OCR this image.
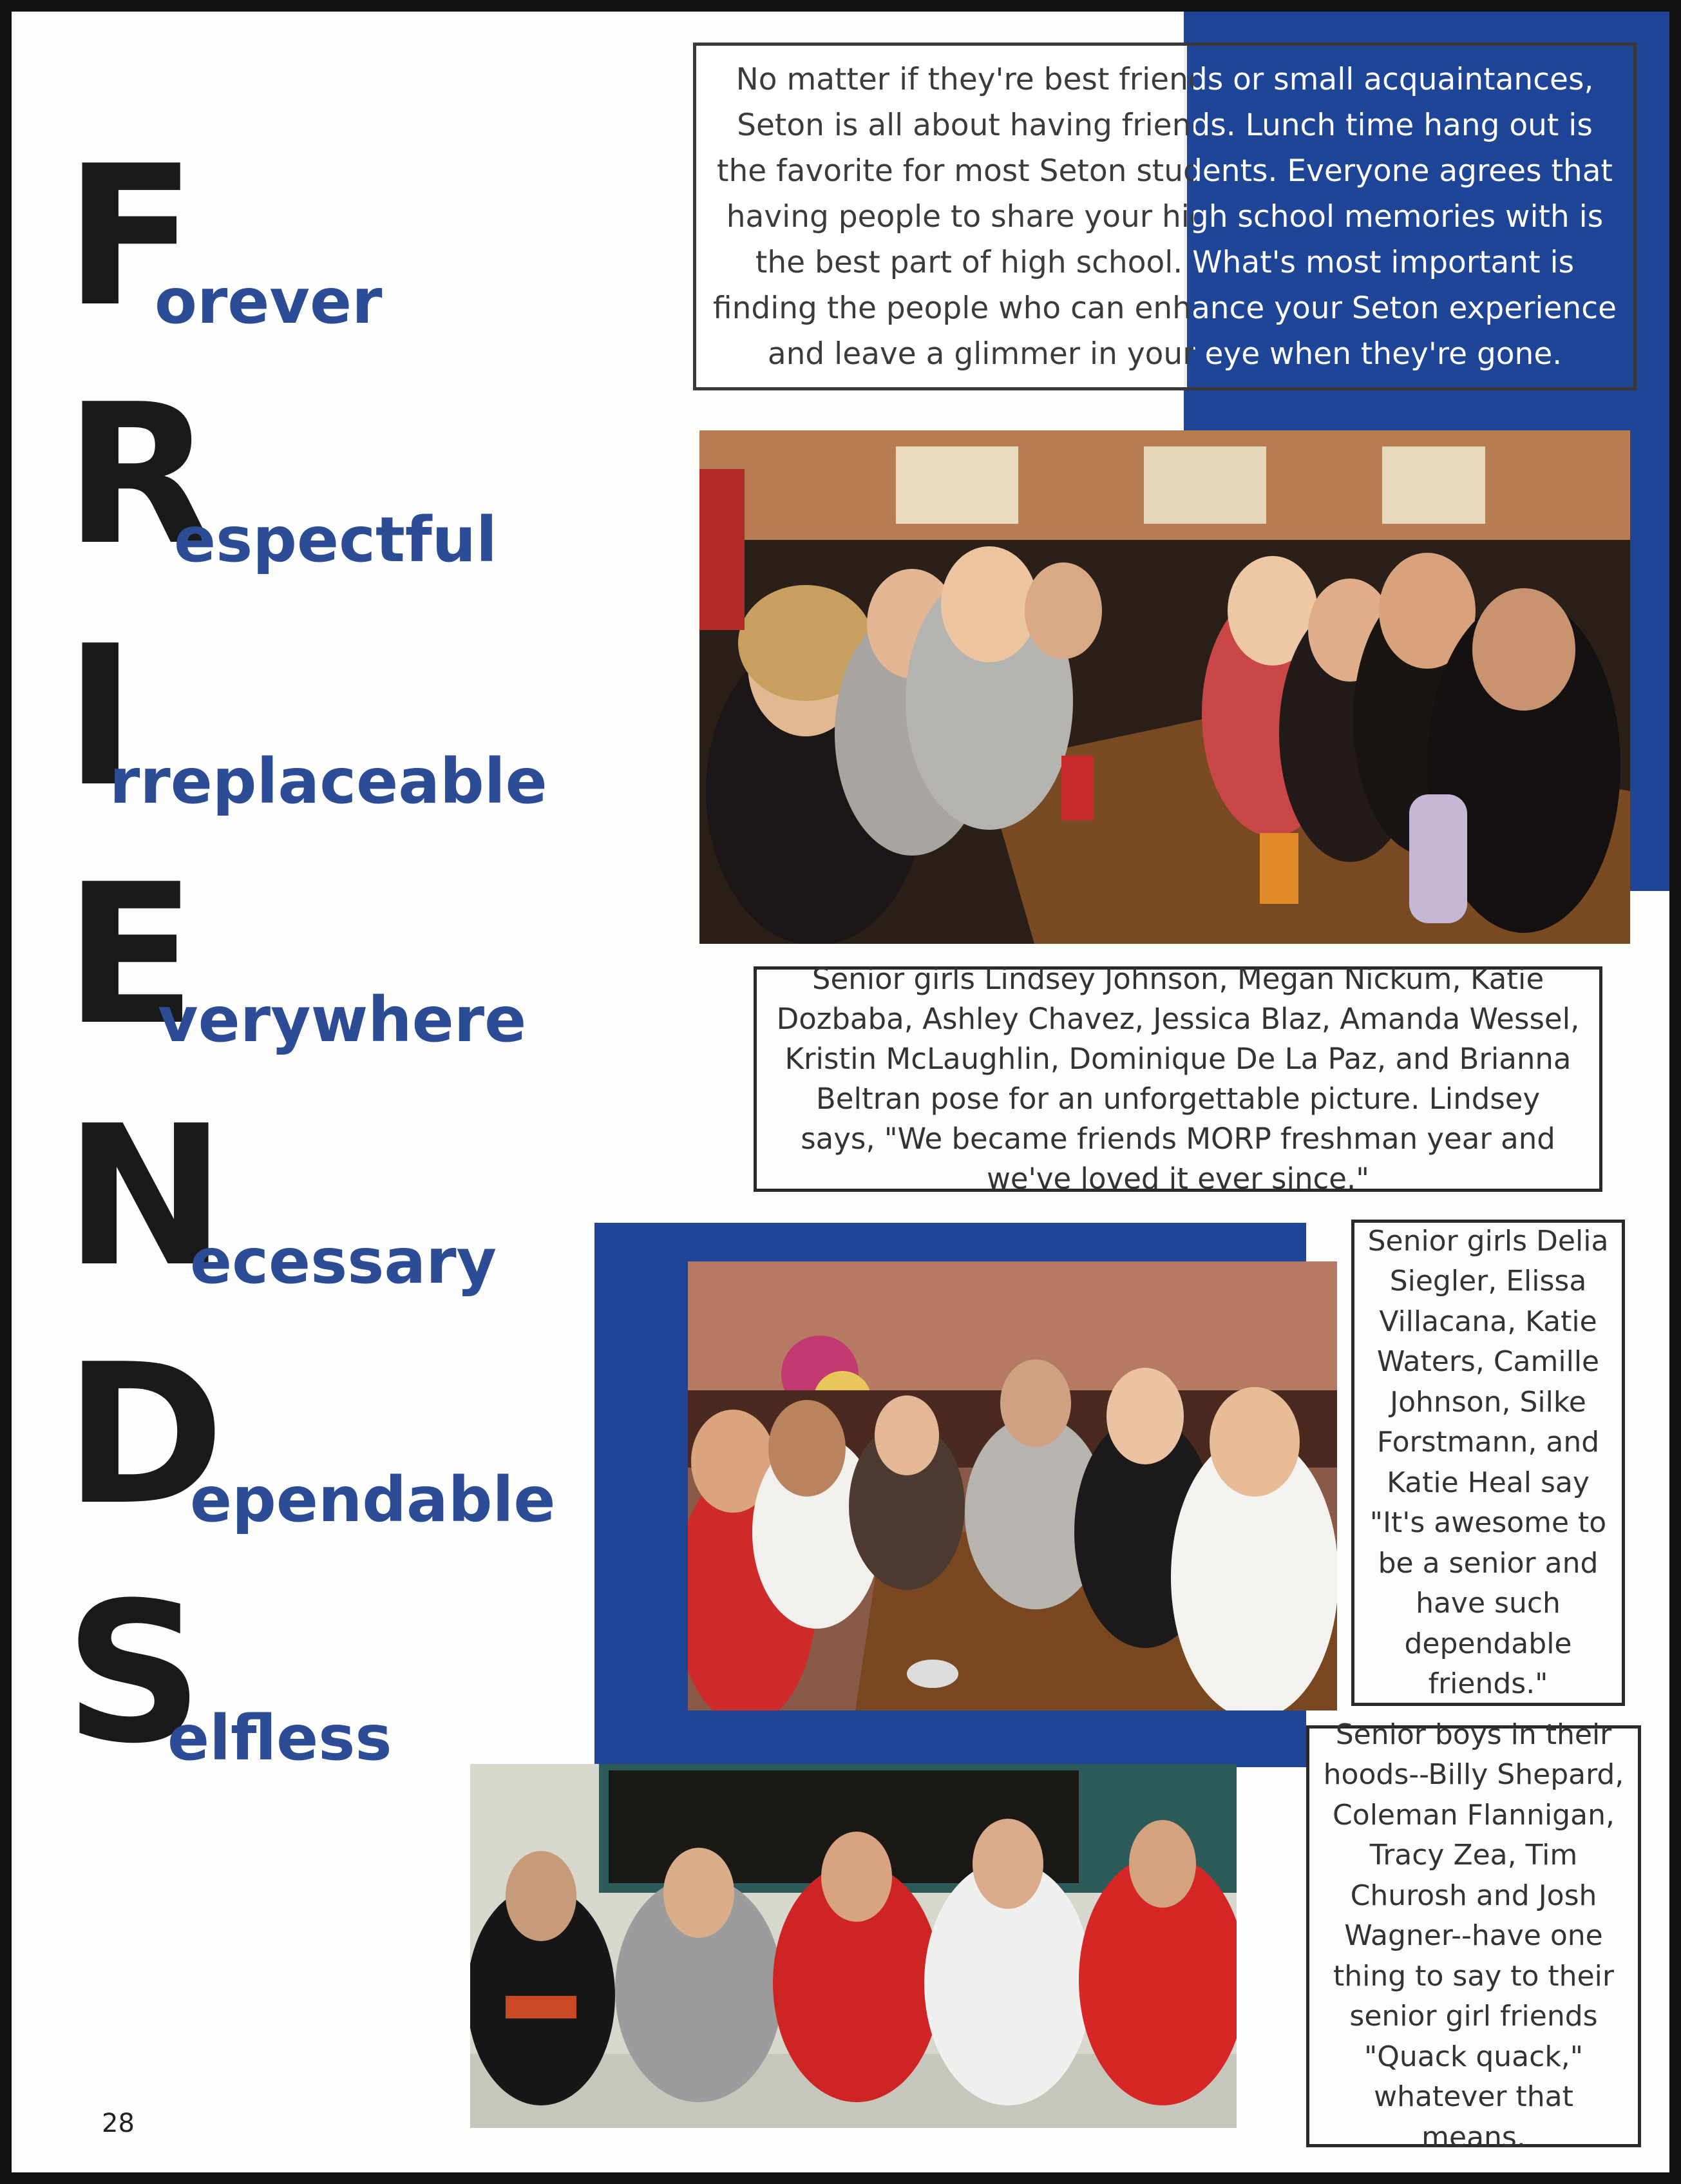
F
orever
R
espectful
I
rreplaceable
E
verywhere
N
ecessary
D
ependable
S
elfless

No matter if they're best friends or small acquaintances, Seton is all about having friends. Lunch time hang out is the favorite for most Seton students. Everyone agrees that having people to share your high school memories with is the best part of high school. What's most important is finding the people who can enhance your Seton experience and leave a glimmer in your eye when they're gone.

Senior girls Lindsey Johnson, Megan Nickum, Katie Dozbaba, Ashley Chavez, Jessica Blaz, Amanda Wessel, Kristin McLaughlin, Dominique De La Paz, and Brianna Beltran pose for an unforgettable picture. Lindsey says, "We became friends MORP freshman year and we've loved it ever since."

Senior girls Delia Siegler, Elissa Villacana, Katie Waters, Camille Johnson, Silke Forstmann, and Katie Heal say "It's awesome to be a senior and have such dependable friends."

Senior boys in their hoods--Billy Shepard, Coleman Flannigan, Tracy Zea, Tim Churosh and Josh Wagner--have one thing to say to their senior girl friends "Quack quack," whatever that means.

28
